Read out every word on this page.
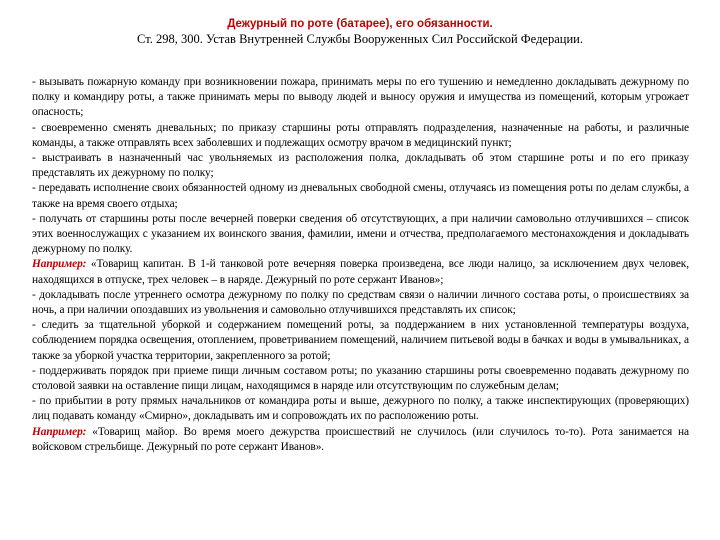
Дежурный по роте (батарее), его обязанности.

Ст. 298, 300. Устав Внутренней Службы Вооруженных Сил Российской Федерации.

- вызывать пожарную команду при возникновении пожара, принимать меры по его тушению и немедленно докладывать дежурному по полку и командиру роты, а также принимать меры по выводу людей и выносу оружия и имущества из помещений, которым угрожает опасность;

- своевременно сменять дневальных; по приказу старшины роты отправлять подразделения, назначенные на работы, и различные команды, а также отправлять всех заболевших и подлежащих осмотру врачом в медицинский пункт;

- выстраивать в назначенный час увольняемых из расположения полка, докладывать об этом старшине роты и по его приказу представлять их дежурному по полку;

- передавать исполнение своих обязанностей одному из дневальных свободной смены, отлучаясь из помещения роты по делам службы, а также на время своего отдыха;

- получать от старшины роты после вечерней поверки сведения об отсутствующих, а при наличии самовольно отлучившихся – список этих военнослужащих с указанием их воинского звания, фамилии, имени и отчества, предполагаемого местонахождения и докладывать дежурному по полку.

Например: «Товарищ капитан. В 1-й танковой роте вечерняя поверка произведена, все люди налицо, за исключением двух человек, находящихся в отпуске, трех человек – в наряде. Дежурный по роте сержант Иванов»;

- докладывать после утреннего осмотра дежурному по полку по средствам связи о наличии личного состава роты, о происшествиях за ночь, а при наличии опоздавших из увольнения и самовольно отлучившихся представлять их список;

- следить за тщательной уборкой и содержанием помещений роты, за поддержанием в них установленной температуры воздуха, соблюдением порядка освещения, отоплением, проветриванием помещений, наличием питьевой воды в бачках и воды в умывальниках, а также за уборкой участка территории, закрепленного за ротой;

- поддерживать порядок при приеме пищи личным составом роты; по указанию старшины роты своевременно подавать дежурному по столовой заявки на оставление пищи лицам, находящимся в наряде или отсутствующим по служебным делам;

- по прибытии в роту прямых начальников от командира роты и выше, дежурного по полку, а также инспектирующих (проверяющих) лиц подавать команду «Смирно», докладывать им и сопровождать их по расположению роты.

Например: «Товарищ майор. Во время моего дежурства происшествий не случилось (или случилось то-то). Рота занимается на войсковом стрельбище. Дежурный по роте сержант Иванов».
